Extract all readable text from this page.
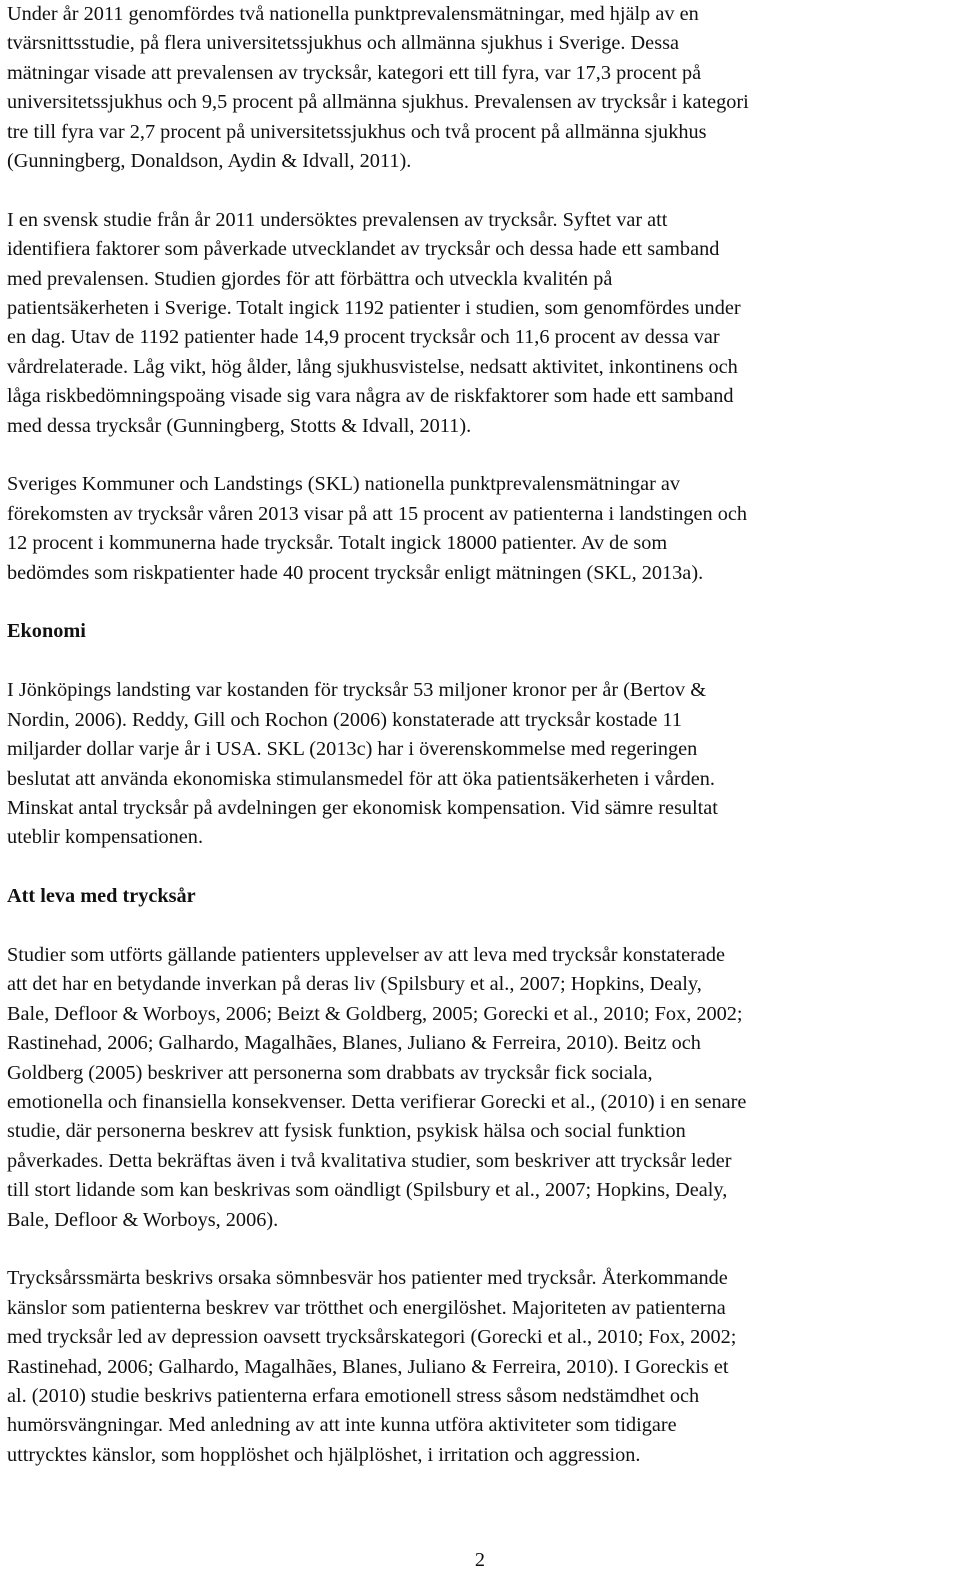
Under år 2011 genomfördes två nationella punktprevalensmätningar, med hjälp av en
tvärsnittsstudie, på flera universitetssjukhus och allmänna sjukhus i Sverige. Dessa
mätningar visade att prevalensen av trycksår, kategori ett till fyra, var 17,3 procent på
universitetssjukhus och 9,5 procent på allmänna sjukhus. Prevalensen av trycksår i kategori
tre till fyra var 2,7 procent på universitetssjukhus och två procent på allmänna sjukhus
(Gunningberg, Donaldson, Aydin & Idvall, 2011).
I en svensk studie från år 2011 undersöktes prevalensen av trycksår. Syftet var att
identifiera faktorer som påverkade utvecklandet av trycksår och dessa hade ett samband
med prevalensen. Studien gjordes för att förbättra och utveckla kvalitén på
patientsäkerheten i Sverige. Totalt ingick 1192 patienter i studien, som genomfördes under
en dag. Utav de 1192 patienter hade 14,9 procent trycksår och 11,6 procent av dessa var
vårdrelaterade. Låg vikt, hög ålder, lång sjukhusvistelse, nedsatt aktivitet, inkontinens och
låga riskbedömningspoäng visade sig vara några av de riskfaktorer som hade ett samband
med dessa trycksår (Gunningberg, Stotts & Idvall, 2011).
Sveriges Kommuner och Landstings (SKL) nationella punktprevalensmätningar av
förekomsten av trycksår våren 2013 visar på att 15 procent av patienterna i landstingen och
12 procent i kommunerna hade trycksår. Totalt ingick 18000 patienter. Av de som
bedömdes som riskpatienter hade 40 procent trycksår enligt mätningen (SKL, 2013a).
Ekonomi
I Jönköpings landsting var kostanden för trycksår 53 miljoner kronor per år (Bertov &
Nordin, 2006). Reddy, Gill och Rochon (2006) konstaterade att trycksår kostade 11
miljarder dollar varje år i USA. SKL (2013c) har i överenskommelse med regeringen
beslutat att använda ekonomiska stimulansmedel för att öka patientsäkerheten i vården.
Minskat antal trycksår på avdelningen ger ekonomisk kompensation. Vid sämre resultat
uteblir kompensationen.
Att leva med trycksår
Studier som utförts gällande patienters upplevelser av att leva med trycksår konstaterade
att det har en betydande inverkan på deras liv (Spilsbury et al., 2007; Hopkins, Dealy,
Bale, Defloor & Worboys, 2006; Beizt & Goldberg, 2005; Gorecki et al., 2010; Fox, 2002;
Rastinehad, 2006; Galhardo, Magalhães, Blanes, Juliano & Ferreira, 2010). Beitz och
Goldberg (2005) beskriver att personerna som drabbats av trycksår fick sociala,
emotionella och finansiella konsekvenser. Detta verifierar Gorecki et al., (2010) i en senare
studie, där personerna beskrev att fysisk funktion, psykisk hälsa och social funktion
påverkades. Detta bekräftas även i två kvalitativa studier, som beskriver att trycksår leder
till stort lidande som kan beskrivas som oändligt (Spilsbury et al., 2007; Hopkins, Dealy,
Bale, Defloor & Worboys, 2006).
Trycksårssmärta beskrivs orsaka sömnbesvär hos patienter med trycksår. Återkommande
känslor som patienterna beskrev var trötthet och energilöshet. Majoriteten av patienterna
med trycksår led av depression oavsett trycksårskategori (Gorecki et al., 2010; Fox, 2002;
Rastinehad, 2006; Galhardo, Magalhães, Blanes, Juliano & Ferreira, 2010). I Goreckis et
al. (2010) studie beskrivs patienterna erfara emotionell stress såsom nedstämdhet och
humörsvängningar. Med anledning av att inte kunna utföra aktiviteter som tidigare
uttrycktes känslor, som hopplöshet och hjälplöshet, i irritation och aggression.
2
